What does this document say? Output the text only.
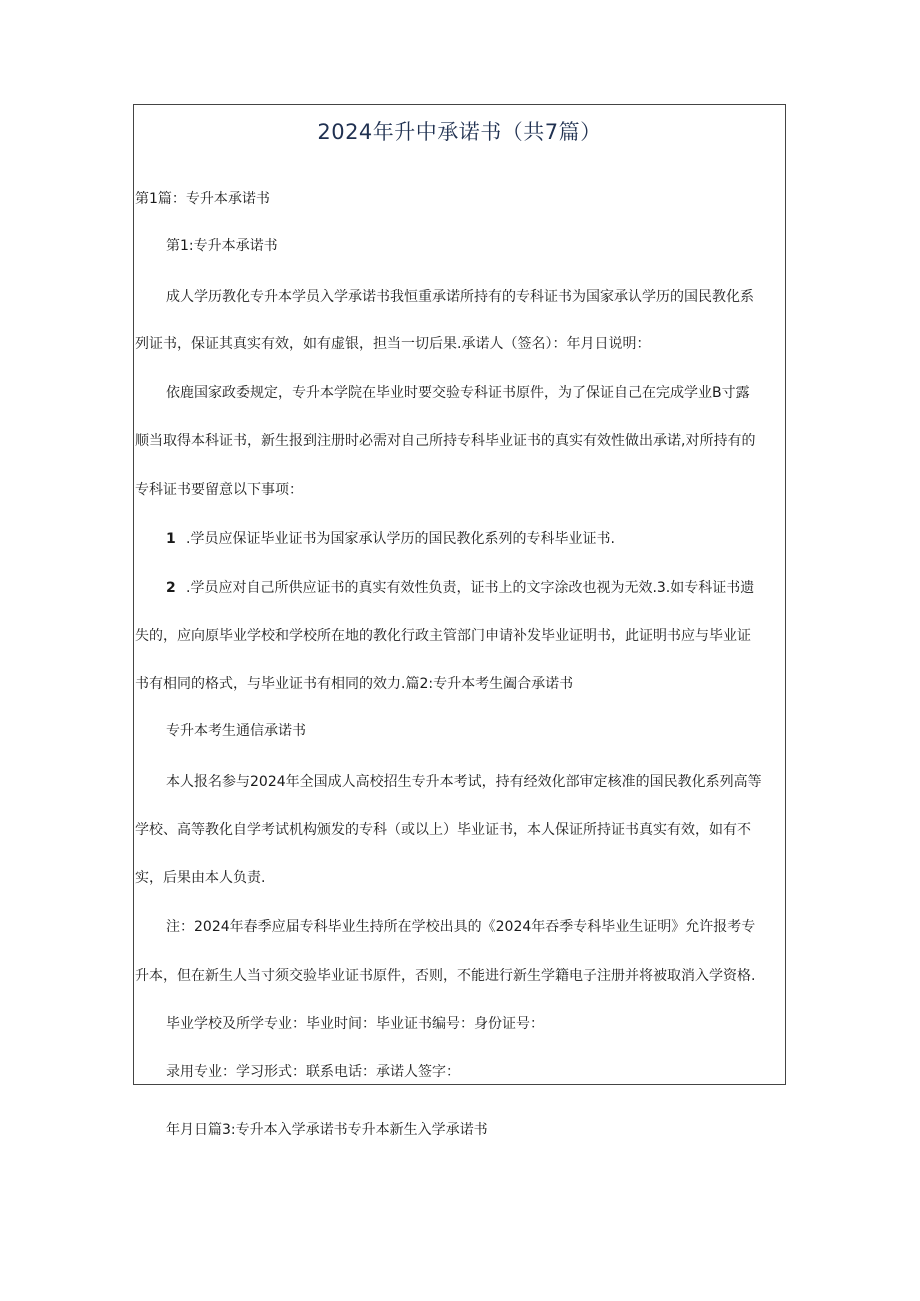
2024年升中承诺书（共7篇）

第1篇：专升本承诺书

第1:专升本承诺书

成人学历教化专升本学员入学承诺书我恒重承诺所持有的专科证书为国家承认学历的国民教化系

列证书，保证其真实有效，如有虚银，担当一切后果.承诺人（签名）：年月日说明：

依鹿国家政委规定，专升本学院在毕业时要交验专科证书原件，为了保证自己在完成学业B寸露

顺当取得本科证书，新生报到注册时必需对自己所持专科毕业证书的真实有效性做出承诺,对所持有的

专科证书要留意以下事项：

1 .学员应保证毕业证书为国家承认学历的国民教化系列的专科毕业证书.

2 .学员应对自己所供应证书的真实有效性负责，证书上的文字涂改也视为无效.3.如专科证书遗

失的，应向原毕业学校和学校所在地的教化行政主管部门申请补发毕业证明书，此证明书应与毕业证

书有相同的格式，与毕业证书有相同的效力.篇2:专升本考生阖合承诺书

专升本考生通信承诺书

本人报名参与2024年全国成人高校招生专升本考试，持有经效化部审定核准的国民教化系列高等

学校、高等教化自学考试机构颁发的专科（或以上）毕业证书，本人保证所持证书真实有效，如有不

实，后果由本人负责.

注：2024年春季应届专科毕业生持所在学校出具的《2024年吞季专科毕业生证明》允许报考专

升本，但在新生人当寸须交验毕业证书原件，否则，不能进行新生学籍电子注册并将被取消入学资格.

毕业学校及所学专业：毕业时间：毕业证书编号：身份证号：

录用专业：学习形式：联系电话：承诺人签字：

年月日篇3:专升本入学承诺书专升本新生入学承诺书
